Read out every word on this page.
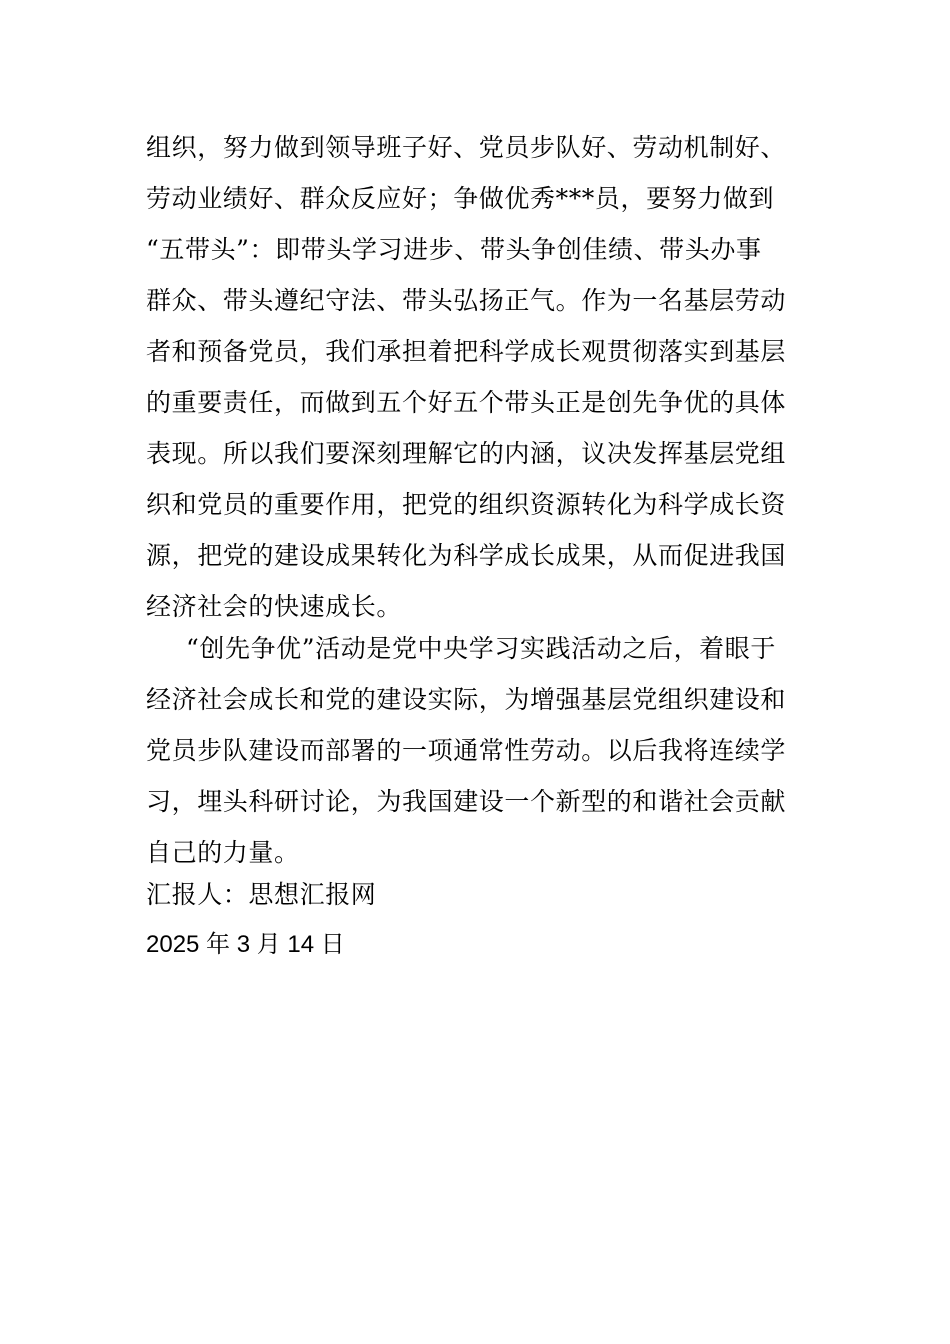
组织，努力做到领导班子好、党员步队好、劳动机制好、
劳动业绩好、群众反应好；争做优秀***员，要努力做到
“五带头”：即带头学习进步、带头争创佳绩、带头办事
群众、带头遵纪守法、带头弘扬正气。作为一名基层劳动
者和预备党员，我们承担着把科学成长观贯彻落实到基层
的重要责任，而做到五个好五个带头正是创先争优的具体
表现。所以我们要深刻理解它的内涵，议决发挥基层党组
织和党员的重要作用，把党的组织资源转化为科学成长资
源，把党的建设成果转化为科学成长成果，从而促进我国
经济社会的快速成长。
“创先争优”活动是党中央学习实践活动之后，着眼于
经济社会成长和党的建设实际，为增强基层党组织建设和
党员步队建设而部署的一项通常性劳动。以后我将连续学
习，埋头科研讨论，为我国建设一个新型的和谐社会贡献
自己的力量。
汇报人：思想汇报网
2025 年 3 月 14 日
